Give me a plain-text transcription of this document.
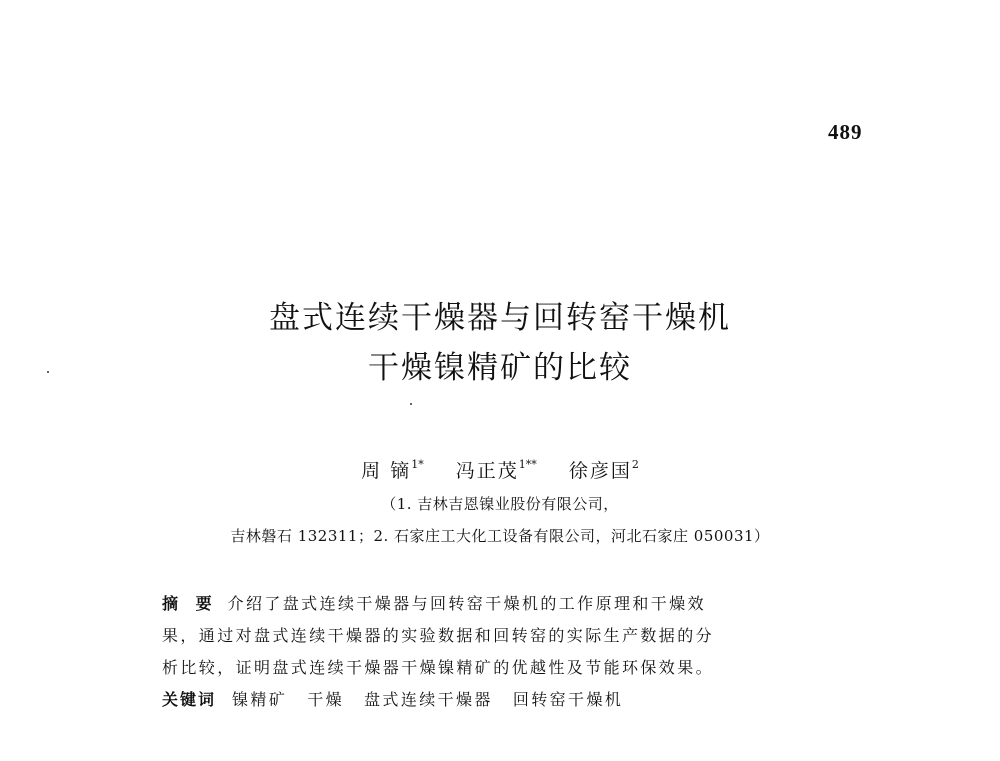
489
盘式连续干燥器与回转窑干燥机
干燥镍精矿的比较
周 镝$^{1*}$ 冯正茂$^{1**}$ 徐彦国$^2$
（1. 吉林吉恩镍业股份有限公司，
吉林磐石 132311；2. 石家庄工大化工设备有限公司，河北石家庄 050031）
摘 要 介绍了盘式连续干燥器与回转窑干燥机的工作原理和干燥效
果，通过对盘式连续干燥器的实验数据和回转窑的实际生产数据的分
析比较，证明盘式连续干燥器干燥镍精矿的优越性及节能环保效果。
关键词 镍精矿 干燥 盘式连续干燥器 回转窑干燥机
